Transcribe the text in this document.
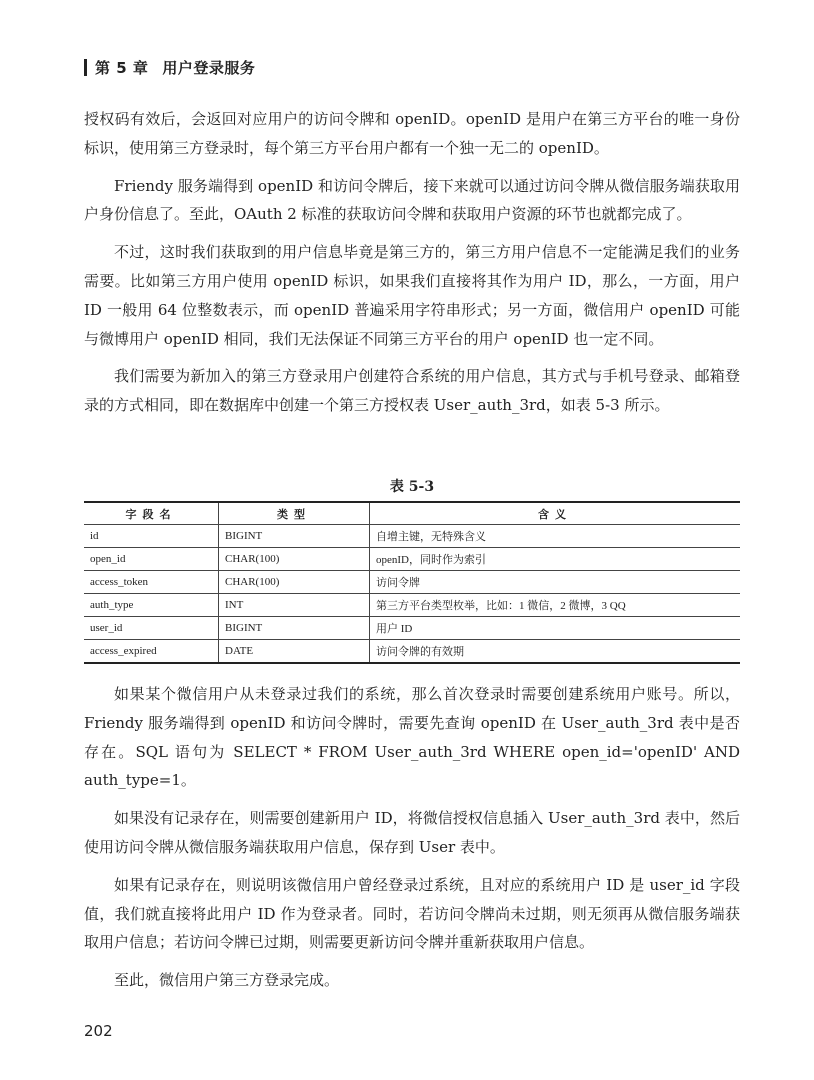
第 5 章 用户登录服务

授权码有效后，会返回对应用户的访问令牌和 openID。openID 是用户在第三方平台的唯一身份标识，使用第三方登录时，每个第三方平台用户都有一个独一无二的 openID。

Friendy 服务端得到 openID 和访问令牌后，接下来就可以通过访问令牌从微信服务端获取用户身份信息了。至此，OAuth 2 标准的获取访问令牌和获取用户资源的环节也就都完成了。

不过，这时我们获取到的用户信息毕竟是第三方的，第三方用户信息不一定能满足我们的业务需要。比如第三方用户使用 openID 标识，如果我们直接将其作为用户 ID，那么，一方面，用户 ID 一般用 64 位整数表示，而 openID 普遍采用字符串形式；另一方面，微信用户 openID 可能与微博用户 openID 相同，我们无法保证不同第三方平台的用户 openID 也一定不同。

我们需要为新加入的第三方登录用户创建符合系统的用户信息，其方式与手机号登录、邮箱登录的方式相同，即在数据库中创建一个第三方授权表 User_auth_3rd，如表 5-3 所示。

表 5-3
字段名	类型	含义
id	BIGINT	自增主键，无特殊含义
open_id	CHAR(100)	openID，同时作为索引
access_token	CHAR(100)	访问令牌
auth_type	INT	第三方平台类型枚举，比如：1 微信，2 微博，3 QQ
user_id	BIGINT	用户 ID
access_expired	DATE	访问令牌的有效期

如果某个微信用户从未登录过我们的系统，那么首次登录时需要创建系统用户账号。所以，Friendy 服务端得到 openID 和访问令牌时，需要先查询 openID 在 User_auth_3rd 表中是否存在。SQL 语句为 SELECT * FROM User_auth_3rd WHERE open_id='openID' AND auth_type=1。

如果没有记录存在，则需要创建新用户 ID，将微信授权信息插入 User_auth_3rd 表中，然后使用访问令牌从微信服务端获取用户信息，保存到 User 表中。

如果有记录存在，则说明该微信用户曾经登录过系统，且对应的系统用户 ID 是 user_id 字段值，我们就直接将此用户 ID 作为登录者。同时，若访问令牌尚未过期，则无须再从微信服务端获取用户信息；若访问令牌已过期，则需要更新访问令牌并重新获取用户信息。

至此，微信用户第三方登录完成。

202
